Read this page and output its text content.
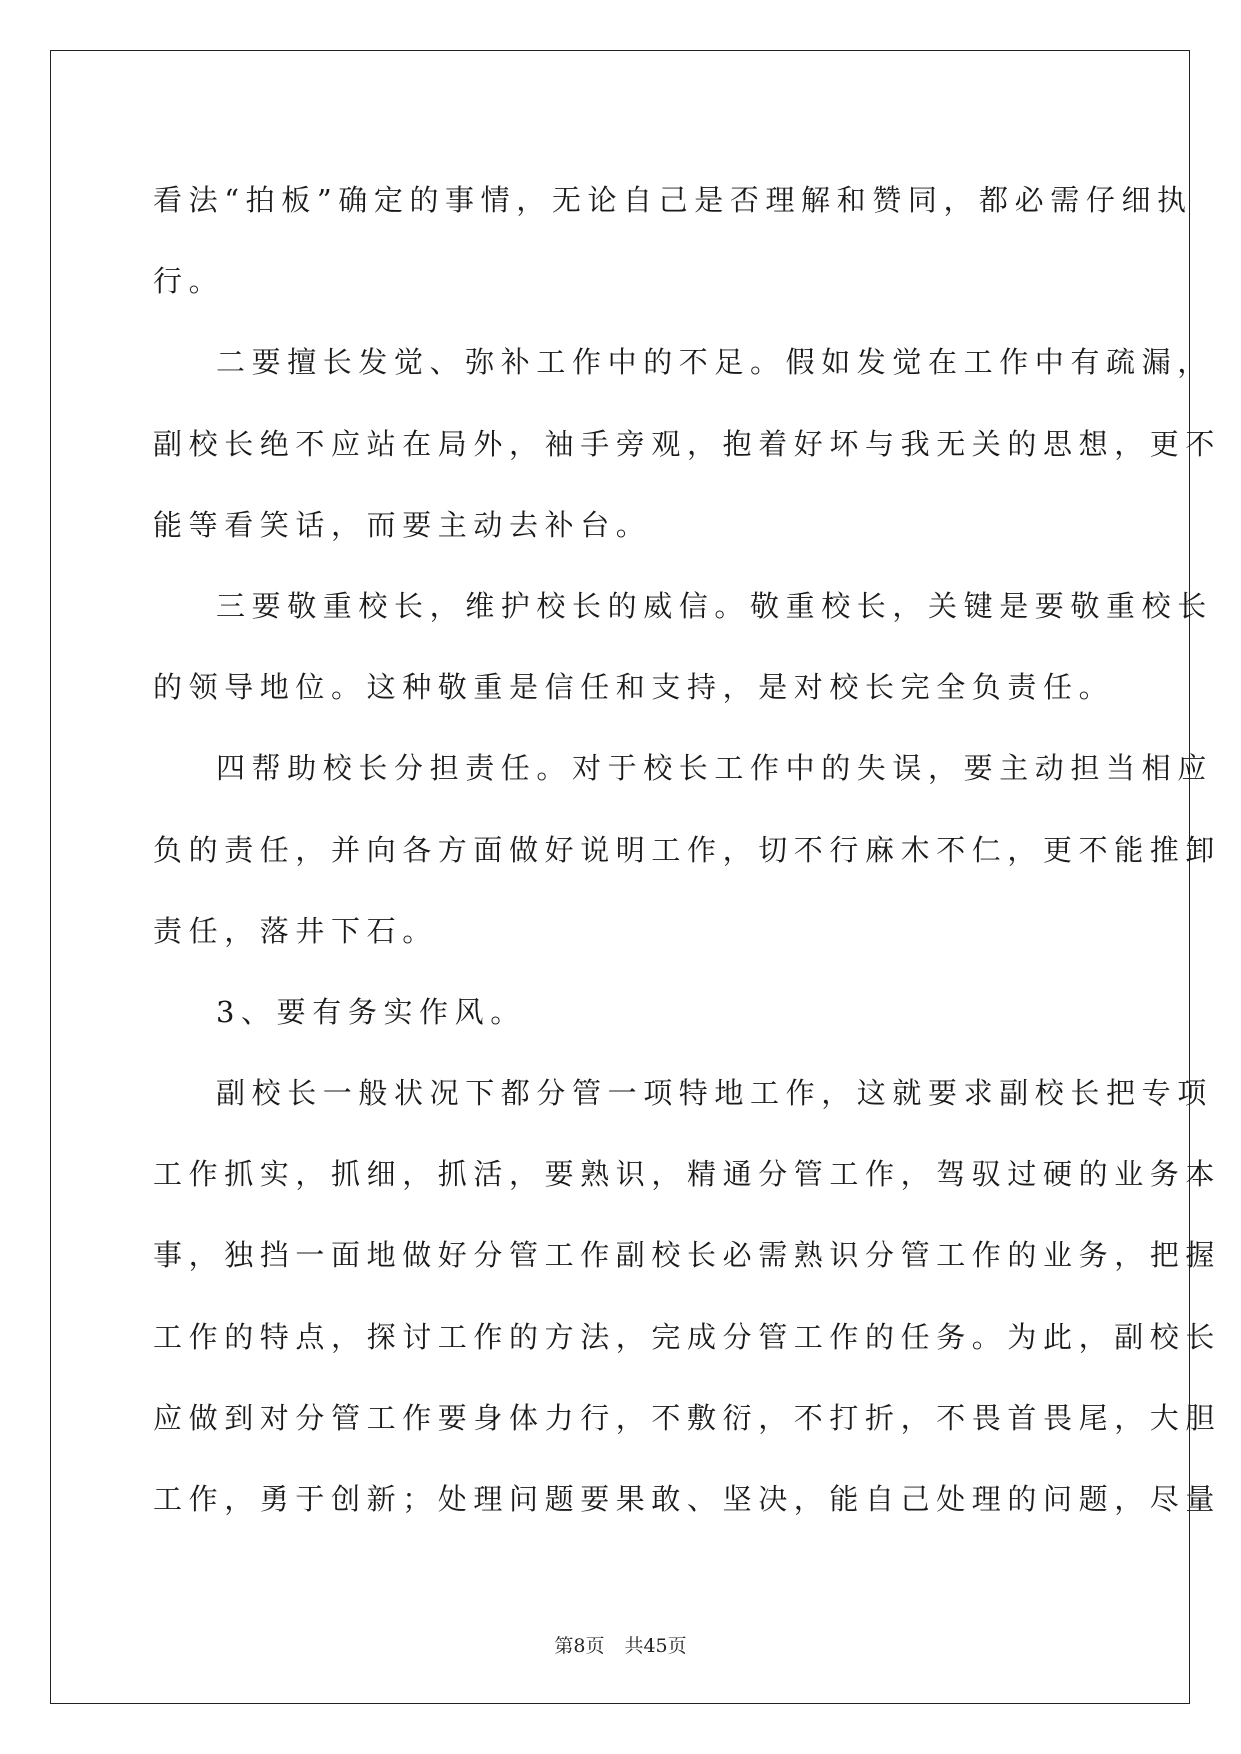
看法“拍板”确定的事情，无论自己是否理解和赞同，都必需仔细执
行。

二要擅长发觉、弥补工作中的不足。假如发觉在工作中有疏漏，
副校长绝不应站在局外，袖手旁观，抱着好坏与我无关的思想，更不
能等看笑话，而要主动去补台。

三要敬重校长，维护校长的威信。敬重校长，关键是要敬重校长
的领导地位。这种敬重是信任和支持，是对校长完全负责任。

四帮助校长分担责任。对于校长工作中的失误，要主动担当相应
负的责任，并向各方面做好说明工作，切不行麻木不仁，更不能推卸
责任，落井下石。

3、要有务实作风。

副校长一般状况下都分管一项特地工作，这就要求副校长把专项
工作抓实，抓细，抓活，要熟识，精通分管工作，驾驭过硬的业务本
事，独挡一面地做好分管工作副校长必需熟识分管工作的业务，把握
工作的特点，探讨工作的方法，完成分管工作的任务。为此，副校长
应做到对分管工作要身体力行，不敷衍，不打折，不畏首畏尾，大胆
工作，勇于创新；处理问题要果敢、坚决，能自己处理的问题，尽量

第8页 共45页
